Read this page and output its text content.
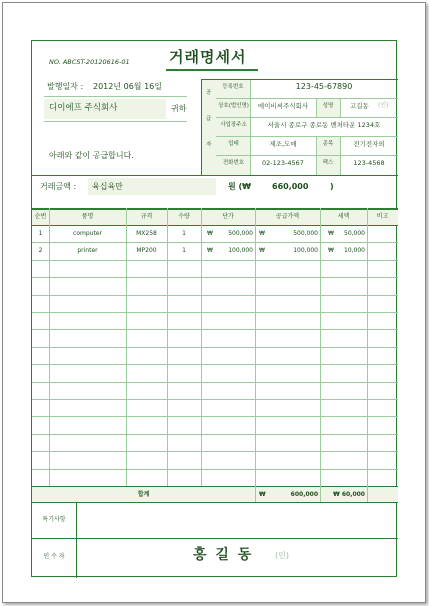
NO. ABCST-20120616-01	거래명세서
발행일자 : 2012년 06월 16일
디이에프 주식회사	귀하
아래와 같이 공급합니다.
공
급
자
등록번호	123-45-67890
상호(법인명)	에이비씨주식회사	성명	고길동 (인)
사업장주소	서울시 종로구 종로동 벤처타운 1234호
업태	제조,도매	종목	전기전자외
전화번호	02-123-4567	팩스	123-4568
거래금액 : 육십육만	원 (₩	660,000	)
순번	품명	규격	수량	단가	공급가액	세액	비고
1	computer	MX258	1	₩	500,000 ₩	500,000 ₩	50,000
2	printer	MP200	1	₩	100,000 ₩	100,000 ₩	10,000
합계	₩	600,000	₩ 60,000
특기사항
인 수 자	홍 길 동	(인)
